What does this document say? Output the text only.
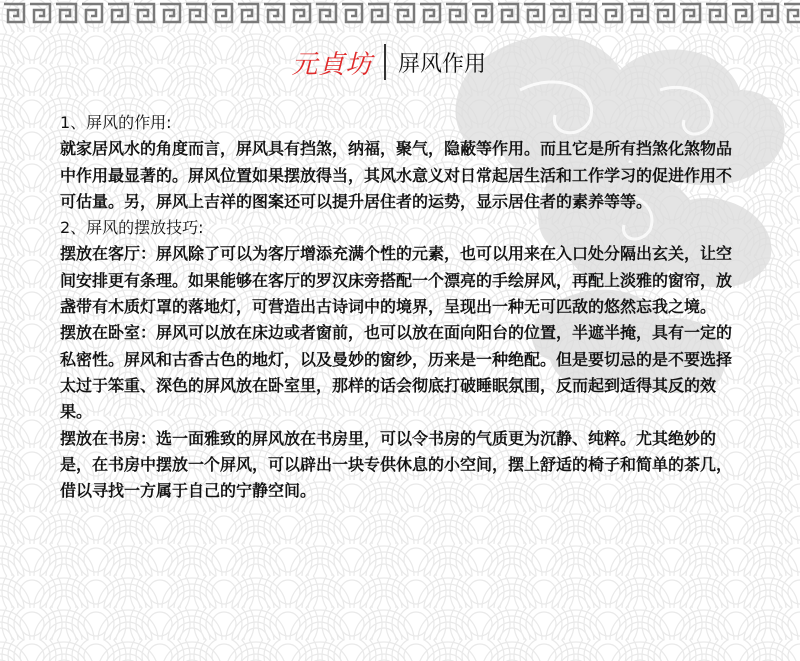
元貞坊	屏风作用

1、屏风的作用:

就家居风水的角度而言，屏风具有挡煞，纳福，聚气，隐蔽等作用。而且它是所有挡煞化煞物品中作用最显著的。屏风位置如果摆放得当，其风水意义对日常起居生活和工作学习的促进作用不可估量。另，屏风上吉祥的图案还可以提升居住者的运势，显示居住者的素养等等。

2、屏风的摆放技巧:

摆放在客厅：屏风除了可以为客厅增添充满个性的元素，也可以用来在入口处分隔出玄关，让空间安排更有条理。如果能够在客厅的罗汉床旁搭配一个漂亮的手绘屏风，再配上淡雅的窗帘，放盏带有木质灯罩的落地灯，可营造出古诗词中的境界，呈现出一种无可匹敌的悠然忘我之境。

摆放在卧室：屏风可以放在床边或者窗前，也可以放在面向阳台的位置，半遮半掩，具有一定的私密性。屏风和古香古色的地灯，以及曼妙的窗纱，历来是一种绝配。但是要切忌的是不要选择太过于笨重、深色的屏风放在卧室里，那样的话会彻底打破睡眠氛围，反而起到适得其反的效果。

摆放在书房：选一面雅致的屏风放在书房里，可以令书房的气质更为沉静、纯粹。尤其绝妙的是，在书房中摆放一个屏风，可以辟出一块专供休息的小空间，摆上舒适的椅子和简单的茶几，借以寻找一方属于自己的宁静空间。
